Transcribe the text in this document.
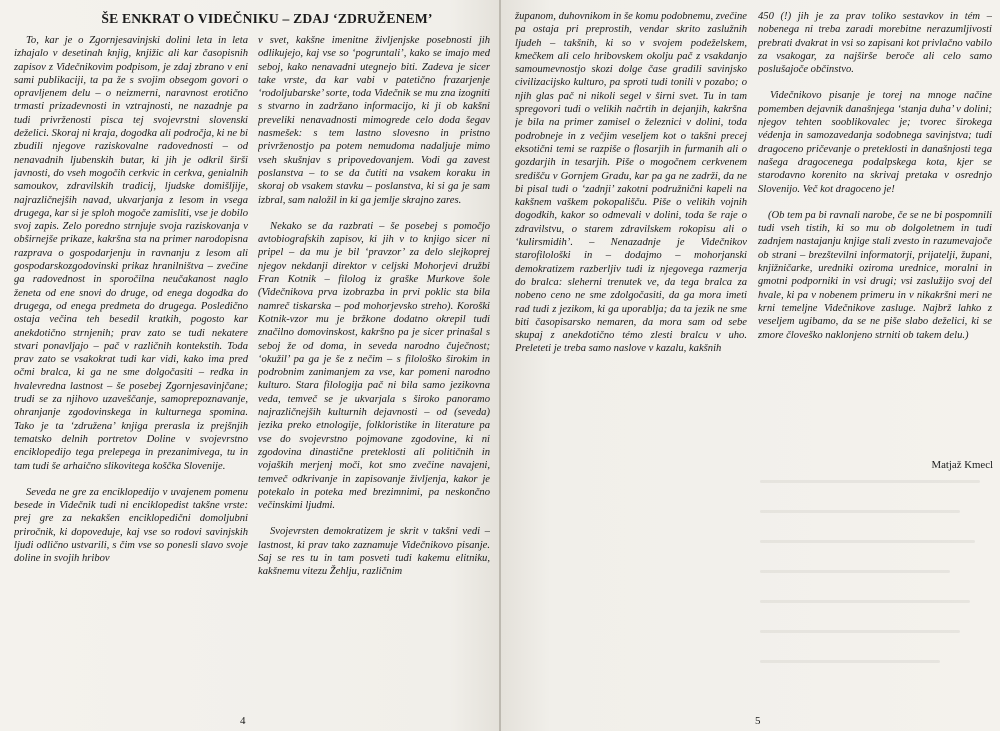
ŠE ENKRAT O VIDEČNIKU – ZDAJ ‘ZDRUŽENEM’

To, kar je o Zgornjesavinjski dolini leta in leta izhajalo v desetinah knjig, knjižic ali kar časopisnih zapisov z Videčnikovim podpisom, je zdaj zbrano v eni sami publikaciji, ta pa že s svojim obsegom govori o opravljenem delu – o neizmerni, naravnost erotično trmasti prizadevnosti in vztrajnosti, ne nazadnje pa tudi privrženosti pisca tej svojevrstni slovenski deželici. Skoraj ni kraja, dogodka ali področja, ki ne bi zbudili njegove raziskovalne radovednosti – od nenavadnih ljubenskih butar, ki jih je odkril širši javnosti, do vseh mogočih cerkvic in cerkva, genialnih samoukov, zdravilskih tradicij, ljudske domišljije, najrazličnejših navad, ukvarjanja z lesom in vsega drugega, kar si je sploh mogoče zamisliti, vse je dobilo svoj zapis. Zelo poredno strnjuje svoja raziskovanja v obširnejše prikaze, kakršna sta na primer narodopisna razprava o gospodarjenju in ravnanju z lesom ali gospodarskozgodovinski prikaz hranilništva – zvečine ga radovednost in sporočilna neučakanost naglo ženeta od ene snovi do druge, od enega dogodka do drugega, od enega predmeta do drugega. Posledično ostaja večina teh besedil kratkih, pogosto kar anekdotično strnjenih; prav zato se tudi nekatere stvari ponavljajo – pač v različnih kontekstih. Toda prav zato se vsakokrat tudi kar vidi, kako ima pred očmi bralca, ki ga ne sme dolgočasiti – redka in hvalevredna lastnost – še posebej Zgornjesavinjčane; trudi se za njihovo uzaveščanje, samoprepoznavanje, ohranjanje zgodovinskega in kulturnega spomina. Tako je ta ‘združena’ knjiga prerasla iz prejšnjih tematsko delnih portretov Doline v svojevrstno enciklopedijo tega prelepega in prezanimivega, tu in tam tudi še arhaično slikovitega koščka Slovenije.

Seveda ne gre za enciklopedijo v uvajenem pomenu besede in Videčnik tudi ni enciklopedist takšne vrste: prej gre za nekakšen enciklopedični domoljubni priročnik, ki dopoveduje, kaj vse so rodovi savinjskih ljudi odlično ustvarili, s čim vse so ponesli slavo svoje doline in svojih hribov

v svet, kakšne imenitne življenjske posebnosti jih odlikujejo, kaj vse so ‘pogruntali’, kako se imajo med seboj, kako nenavadni utegnejo biti. Zadeva je sicer take vrste, da kar vabi v patetično frazarjenje ‘rodoljubarske’ sorte, toda Videčnik se mu zna izogniti s stvarno in zadržano informacijo, ki ji ob kakšni preveliki nenavadnosti mimogrede celo doda šegav nasmešek: s tem lastno slovesno in pristno privrženostjo pa potem nemudoma nadaljuje mimo vseh skušnjav s pripovedovanjem. Vodi ga zavest poslanstva – to se da čutiti na vsakem koraku in skoraj ob vsakem stavku – poslanstva, ki si ga je sam izbral, sam naložil in ki ga jemlje skrajno zares.

Nekako se da razbrati – še posebej s pomočjo avtobiografskih zapisov, ki jih v to knjigo sicer ni pripel – da mu je bil ‘pravzor’ za delo slejkoprej njegov nekdanji direktor v celjski Mohorjevi družbi Fran Kotnik – filolog iz graške Murkove šole (Videčnikova prva izobrazba in prvi poklic sta bila namreč tiskarska – pod mohorjevsko streho). Koroški Kotnik-vzor mu je bržkone dodatno okrepil tudi značilno domovinskost, kakršno pa je sicer prinašal s seboj že od doma, in seveda narodno čuječnost; ‘okužil’ pa ga je še z nečim – s filološko širokim in podrobnim zanimanjem za vse, kar pomeni narodno kulturo. Stara filologija pač ni bila samo jezikovna veda, temveč se je ukvarjala s široko panoramo najrazličnejših kulturnih dejavnosti – od (seveda) jezika preko etnologije, folkloristike in literature pa vse do svojevrstno pojmovane zgodovine, ki ni zgodovina dinastične preteklosti ali političnih in vojaških merjenj moči, kot smo zvečine navajeni, temveč odkrivanje in zapisovanje življenja, kakor je potekalo in poteka med brezimnimi, pa neskončno večinskimi ljudmi.

Svojevrsten demokratizem je skrit v takšni vedi – lastnost, ki prav tako zaznamuje Videčnikovo pisanje. Saj se res tu in tam posveti tudi kakemu elitniku, kakšnemu vitezu Žehlju, različnim

4

županom, duhovnikom in še komu podobnemu, zvečine pa ostaja pri preprostih, vendar skrito zaslužnih ljudeh – takšnih, ki so v svojem podeželskem, kmečkem ali celo hribovskem okolju pač z vsakdanjo samoumevnostjo skozi dolge čase gradili savinjsko civilizacijsko kulturo, pa sproti tudi tonili v pozabo; o njih glas pač ni nikoli segel v širni svet. Tu in tam spregovori tudi o velikih načrtih in dejanjih, kakršna je bila na primer zamisel o železnici v dolini, toda podrobneje in z večjim veseljem kot o takšni precej eksotični temi se razpiše o flosarjih in furmanih ali o gozdarjih in tesarjih. Piše o mogočnem cerkvenem središču v Gornjem Gradu, kar pa ga ne zadrži, da ne bi pisal tudi o ‘zadnji’ zakotni podružnični kapeli na kakšnem vaškem pokopališču. Piše o velikih vojnih dogodkih, kakor so odmevali v dolini, toda še raje o zdravilstvu, o starem zdravilskem rokopisu ali o ‘kulirsmidih’. – Nenazadnje je Videčnikov starofilološki in – dodajmo – mohorjanski demokratizem razberljiv tudi iz njegovega razmerja do bralca: sleherni trenutek ve, da tega bralca za nobeno ceno ne sme zdolgočasiti, da ga mora imeti rad tudi z jezikom, ki ga uporablja; da ta jezik ne sme biti časopisarsko nemaren, da mora sam od sebe skupaj z anekdotično témo zlesti bralcu v uho. Preleteti je treba samo naslove v kazalu, kakšnih

450 (!) jih je za prav toliko sestavkov in tém – nobenega ni treba zaradi morebitne nerazumljivosti prebrati dvakrat in vsi so zapisani kot privlačno vabilo za vsakogar, za najširše beroče ali celo samo poslušajoče občinstvo.

Videčnikovo pisanje je torej na mnoge načine pomemben dejavnik današnjega ‘stanja duha’ v dolini; njegov tehten sooblikovalec je; tvorec širokega védenja in samozavedanja sodobnega savinjstva; tudi dragoceno pričevanje o preteklosti in današnjosti tega našega dragocenega podalpskega kota, kjer se starodavno korenito na skrivaj pretaka v osrednjo Slovenijo. Več kot dragoceno je!

(Ob tem pa bi ravnali narobe, če se ne bi pospomnili tudi vseh tistih, ki so mu ob dolgoletnem in tudi zadnjem nastajanju knjige stali zvesto in razumevajoče ob strani – brezštevilni informatorji, prijatelji, župani, knjižničarke, uredniki oziroma urednice, moralni in gmotni podporniki in vsi drugi; vsi zaslužijo svoj del hvale, ki pa v nobenem primeru in v nikakršni meri ne krni temeljne Videčnikove zasluge. Najbrž lahko z veseljem ugibamo, da se ne piše slabo deželici, ki se zmore človeško naklonjeno strniti ob takem delu.)

Matjaž Kmecl
5
